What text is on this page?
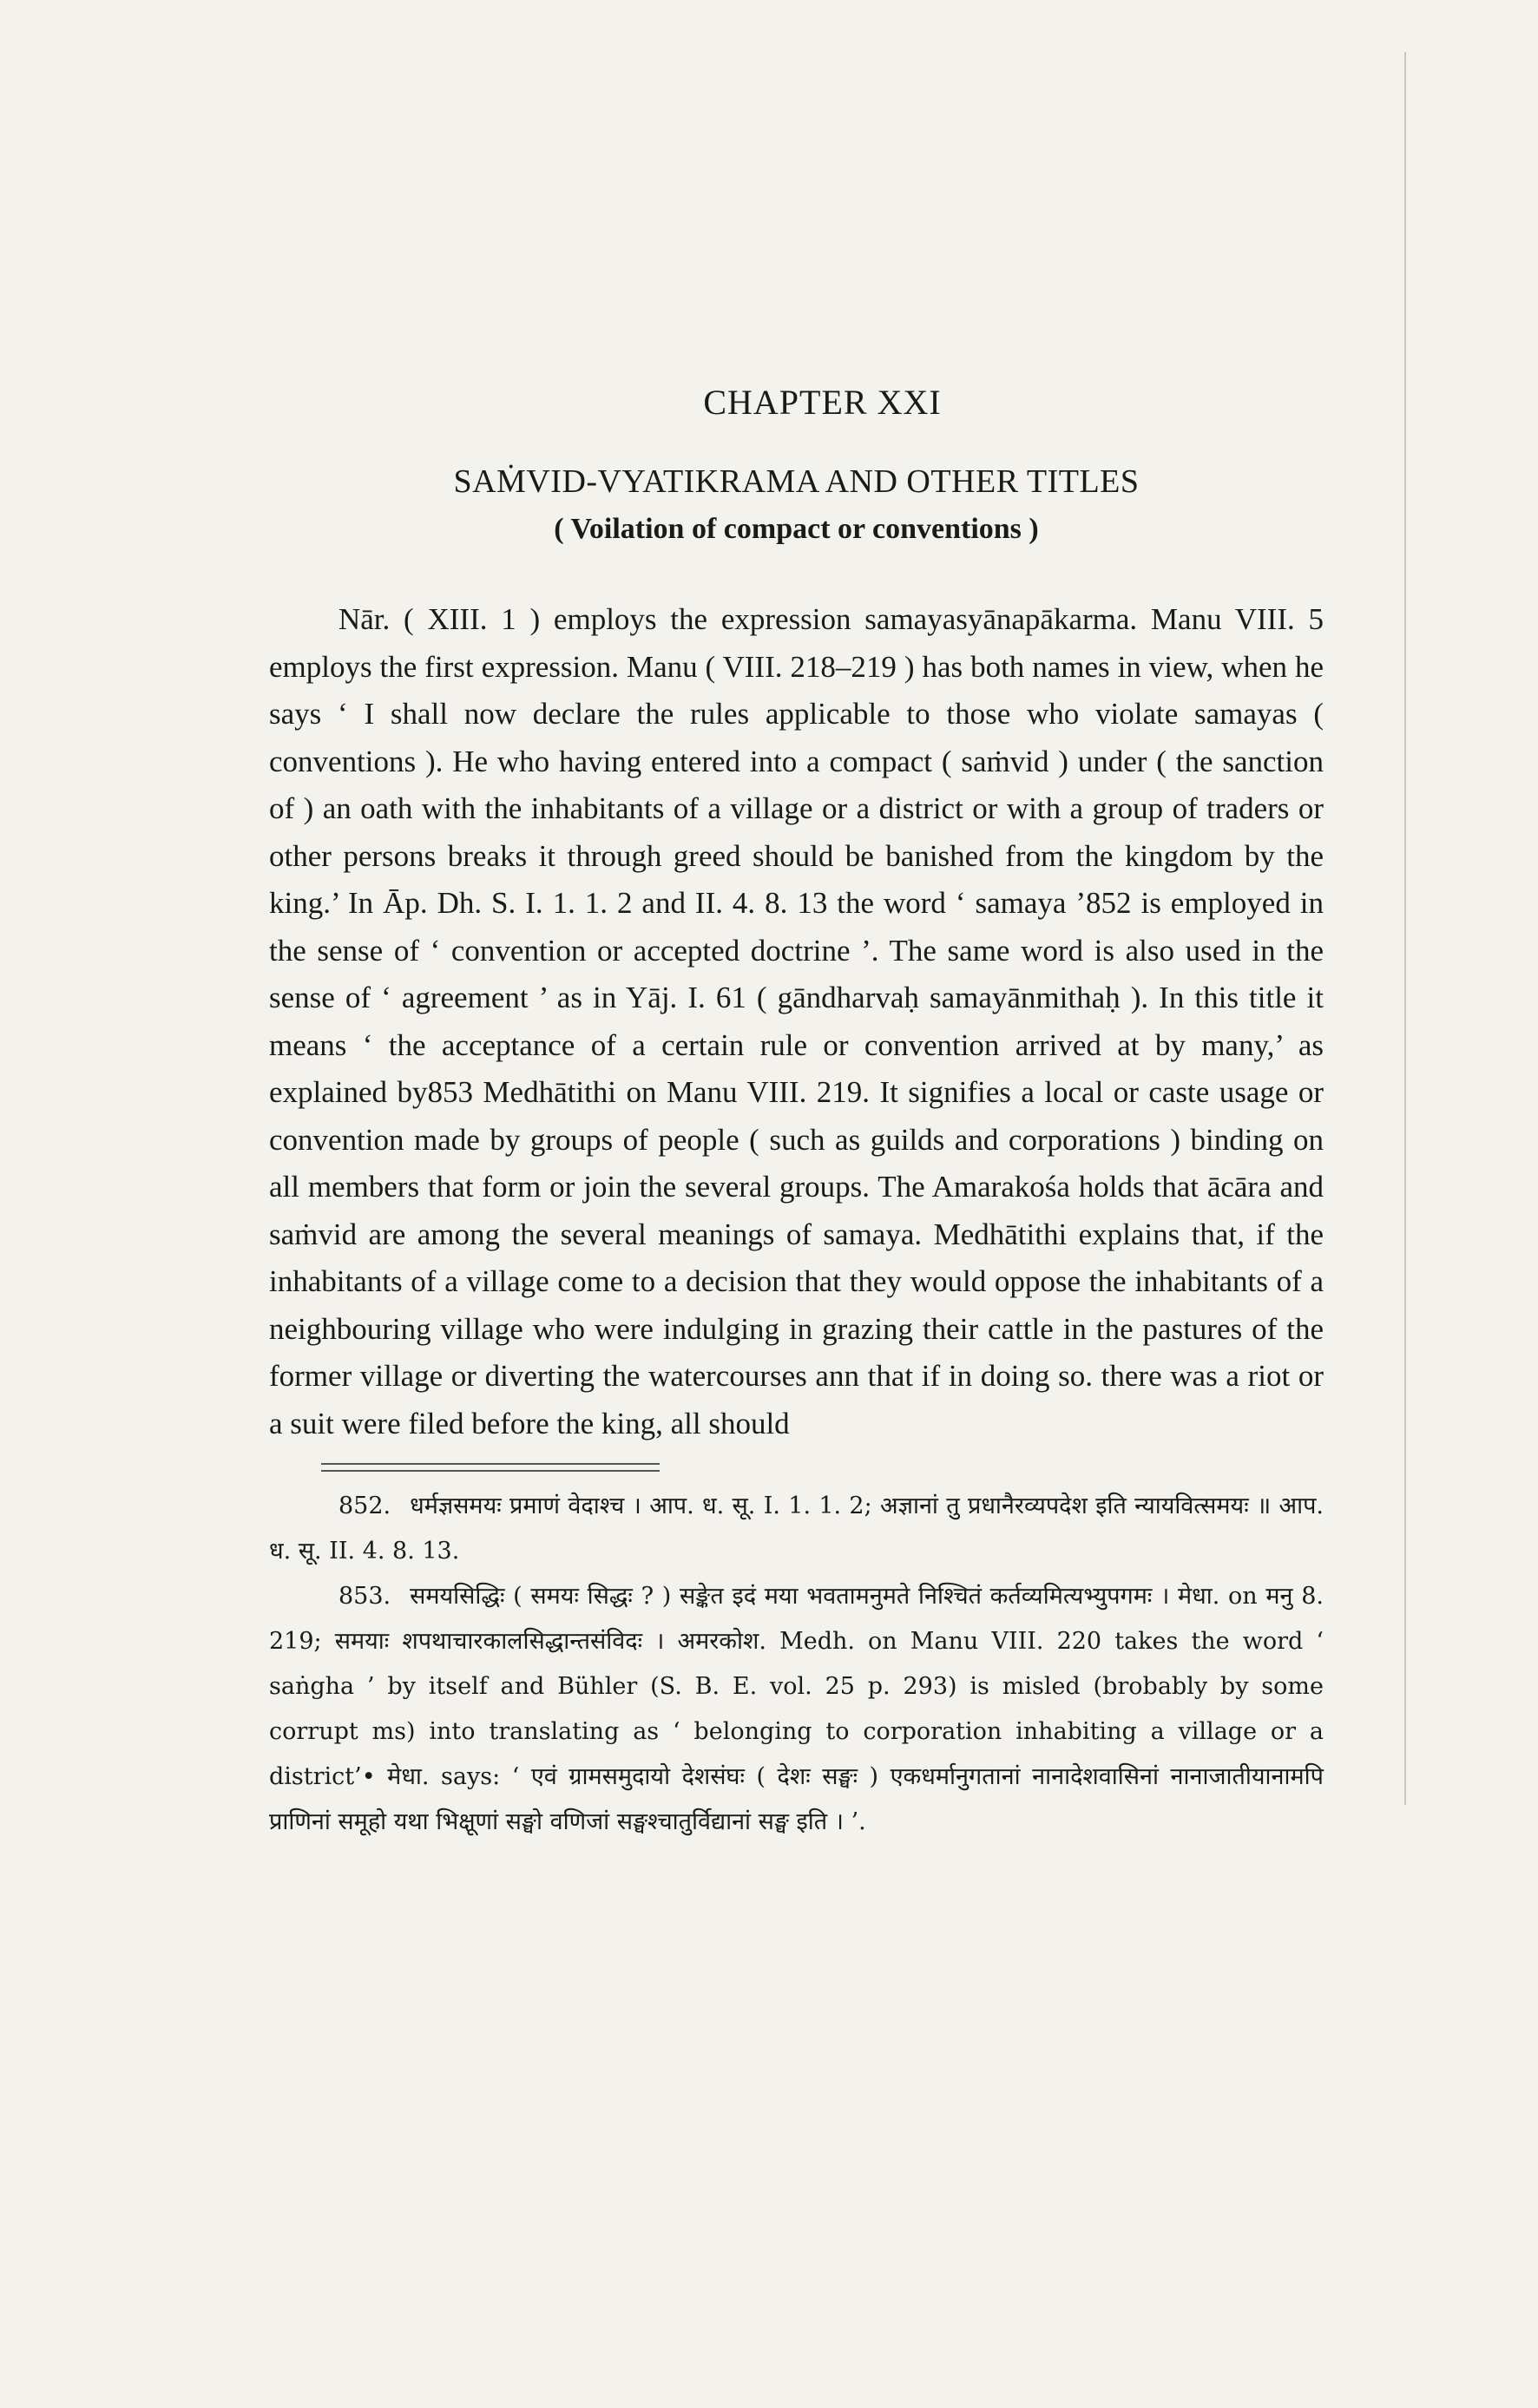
CHAPTER XXI
SAṀVID-VYATIKRAMA AND OTHER TITLES
( Voilation of compact or conventions )

Nār. ( XIII. 1 ) employs the expression samayasyānapākarma. Manu VIII. 5 employs the first expression. Manu ( VIII. 218–219 ) has both names in view, when he says ‘ I shall now declare the rules applicable to those who violate samayas ( conventions ). He who having entered into a compact ( saṁvid ) under ( the sanction of ) an oath with the inhabitants of a village or a district or with a group of traders or other persons breaks it through greed should be banished from the kingdom by the king.’ In Āp. Dh. S. I. 1. 1. 2 and II. 4. 8. 13 the word ‘ samaya ’852 is employed in the sense of ‘ convention or accepted doctrine ’. The same word is also used in the sense of ‘ agreement ’ as in Yāj. I. 61 ( gāndharvaḥ samayānmithaḥ ). In this title it means ‘ the acceptance of a certain rule or convention arrived at by many,’ as explained by853 Medhātithi on Manu VIII. 219. It signifies a local or caste usage or convention made by groups of people ( such as guilds and corporations ) binding on all members that form or join the several groups. The Amarakośa holds that ācāra and saṁvid are among the several meanings of samaya. Medhātithi explains that, if the inhabitants of a village come to a decision that they would oppose the inhabitants of a neighbouring village who were indulging in grazing their cattle in the pastures of the former village or diverting the watercourses ann that if in doing so. there was a riot or a suit were filed before the king, all should

852. धर्मज्ञसमयः प्रमाणं वेदाश्च । आप. ध. सू. I. 1. 1. 2; अज्ञानां तु प्रधानैरव्यपदेश इति न्यायवित्समयः ॥ आप. ध. सू. II. 4. 8. 13.

853. समयसिद्धिः ( समयः सिद्धः ? ) सङ्केत इदं मया भवतामनुमते निश्चितं कर्तव्यमित्यभ्युपगमः । मेधा. on मनु 8. 219; समयाः शपथाचारकालसिद्धान्तसंविदः । अमरकोश. Medh. on Manu VIII. 220 takes the word ‘ saṅgha ’ by itself and Bühler (S. B. E. vol. 25 p. 293) is misled (brobably by some corrupt ms) into translating as ‘ belonging to corporation inhabiting a village or a district’• मेधा. says: ‘ एवं ग्रामसमुदायो देशसंघः ( देशः सङ्घः ) एकधर्मानुगतानां नानादेशवासिनां नानाजातीयानामपि प्राणिनां समूहो यथा भिक्षूणां सङ्घो वणिजां सङ्घश्चातुर्विद्यानां सङ्घ इति । ’.
